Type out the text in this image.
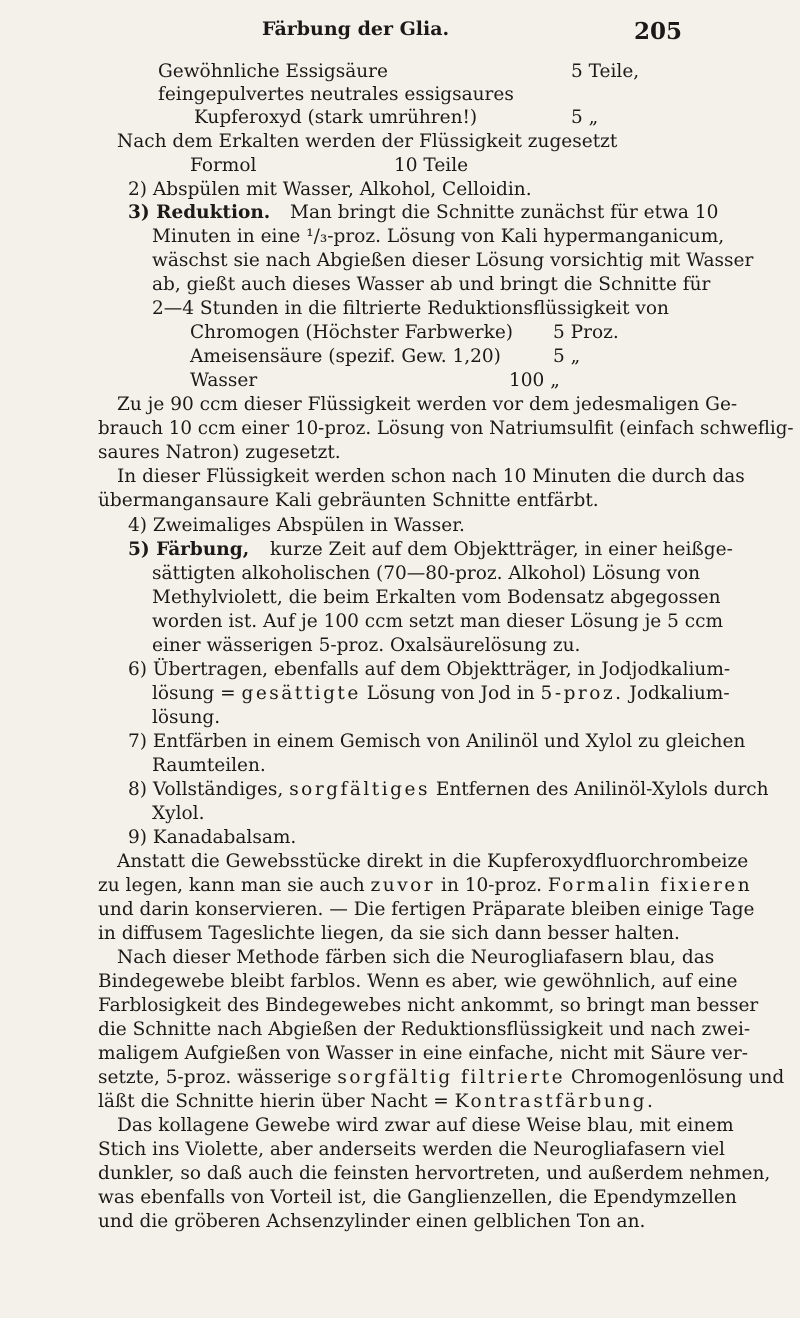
Färbung der Glia.	205
Gewöhnliche Essigsäure	5 Teile,
feingepulvertes neutrales essigsaures
Kupferoxyd (stark umrühren!)	5 „
Nach dem Erkalten werden der Flüssigkeit zugesetzt
Formol	10 Teile
2) Abspülen mit Wasser, Alkohol, Celloidin.
3) Reduktion. Man bringt die Schnitte zunächst für etwa 10
Minuten in eine ¹/₃-proz. Lösung von Kali hypermanganicum,
wäschst sie nach Abgießen dieser Lösung vorsichtig mit Wasser
ab, gießt auch dieses Wasser ab und bringt die Schnitte für
2—4 Stunden in die filtrierte Reduktionsflüssigkeit von
Chromogen (Höchster Farbwerke) 5 Proz.
Ameisensäure (spezif. Gew. 1,20)	5 „
Wasser	100 „
Zu je 90 ccm dieser Flüssigkeit werden vor dem jedesmaligen Ge-
brauch 10 ccm einer 10-proz. Lösung von Natriumsulfit (einfach schweflig-
saures Natron) zugesetzt.
In dieser Flüssigkeit werden schon nach 10 Minuten die durch das
übermangansaure Kali gebräunten Schnitte entfärbt.
4) Zweimaliges Abspülen in Wasser.
5) Färbung, kurze Zeit auf dem Objektträger, in einer heißge-
sättigten alkoholischen (70—80-proz. Alkohol) Lösung von
Methylviolett, die beim Erkalten vom Bodensatz abgegossen
worden ist. Auf je 100 ccm setzt man dieser Lösung je 5 ccm
einer wässerigen 5-proz. Oxalsäurelösung zu.
6) Übertragen, ebenfalls auf dem Objektträger, in Jodjodkalium-
lösung = gesättigte Lösung von Jod in 5-proz. Jodkalium-
lösung.
7) Entfärben in einem Gemisch von Anilinöl und Xylol zu gleichen
Raumteilen.
8) Vollständiges, sorgfältiges Entfernen des Anilinöl-Xylols durch
Xylol.
9) Kanadabalsam.
Anstatt die Gewebsstücke direkt in die Kupferoxydfluorchrombeize
zu legen, kann man sie auch zuvor in 10-proz. Formalin fixieren
und darin konservieren. — Die fertigen Präparate bleiben einige Tage
in diffusem Tageslichte liegen, da sie sich dann besser halten.
Nach dieser Methode färben sich die Neurogliafasern blau, das
Bindegewebe bleibt farblos. Wenn es aber, wie gewöhnlich, auf eine
Farblosigkeit des Bindegewebes nicht ankommt, so bringt man besser
die Schnitte nach Abgießen der Reduktionsflüssigkeit und nach zwei-
maligem Aufgießen von Wasser in eine einfache, nicht mit Säure ver-
setzte, 5-proz. wässerige sorgfältig filtrierte Chromogenlösung und
läßt die Schnitte hierin über Nacht = Kontrastfärbung.
Das kollagene Gewebe wird zwar auf diese Weise blau, mit einem
Stich ins Violette, aber anderseits werden die Neurogliafasern viel
dunkler, so daß auch die feinsten hervortreten, und außerdem nehmen,
was ebenfalls von Vorteil ist, die Ganglienzellen, die Ependymzellen
und die gröberen Achsenzylinder einen gelblichen Ton an.
